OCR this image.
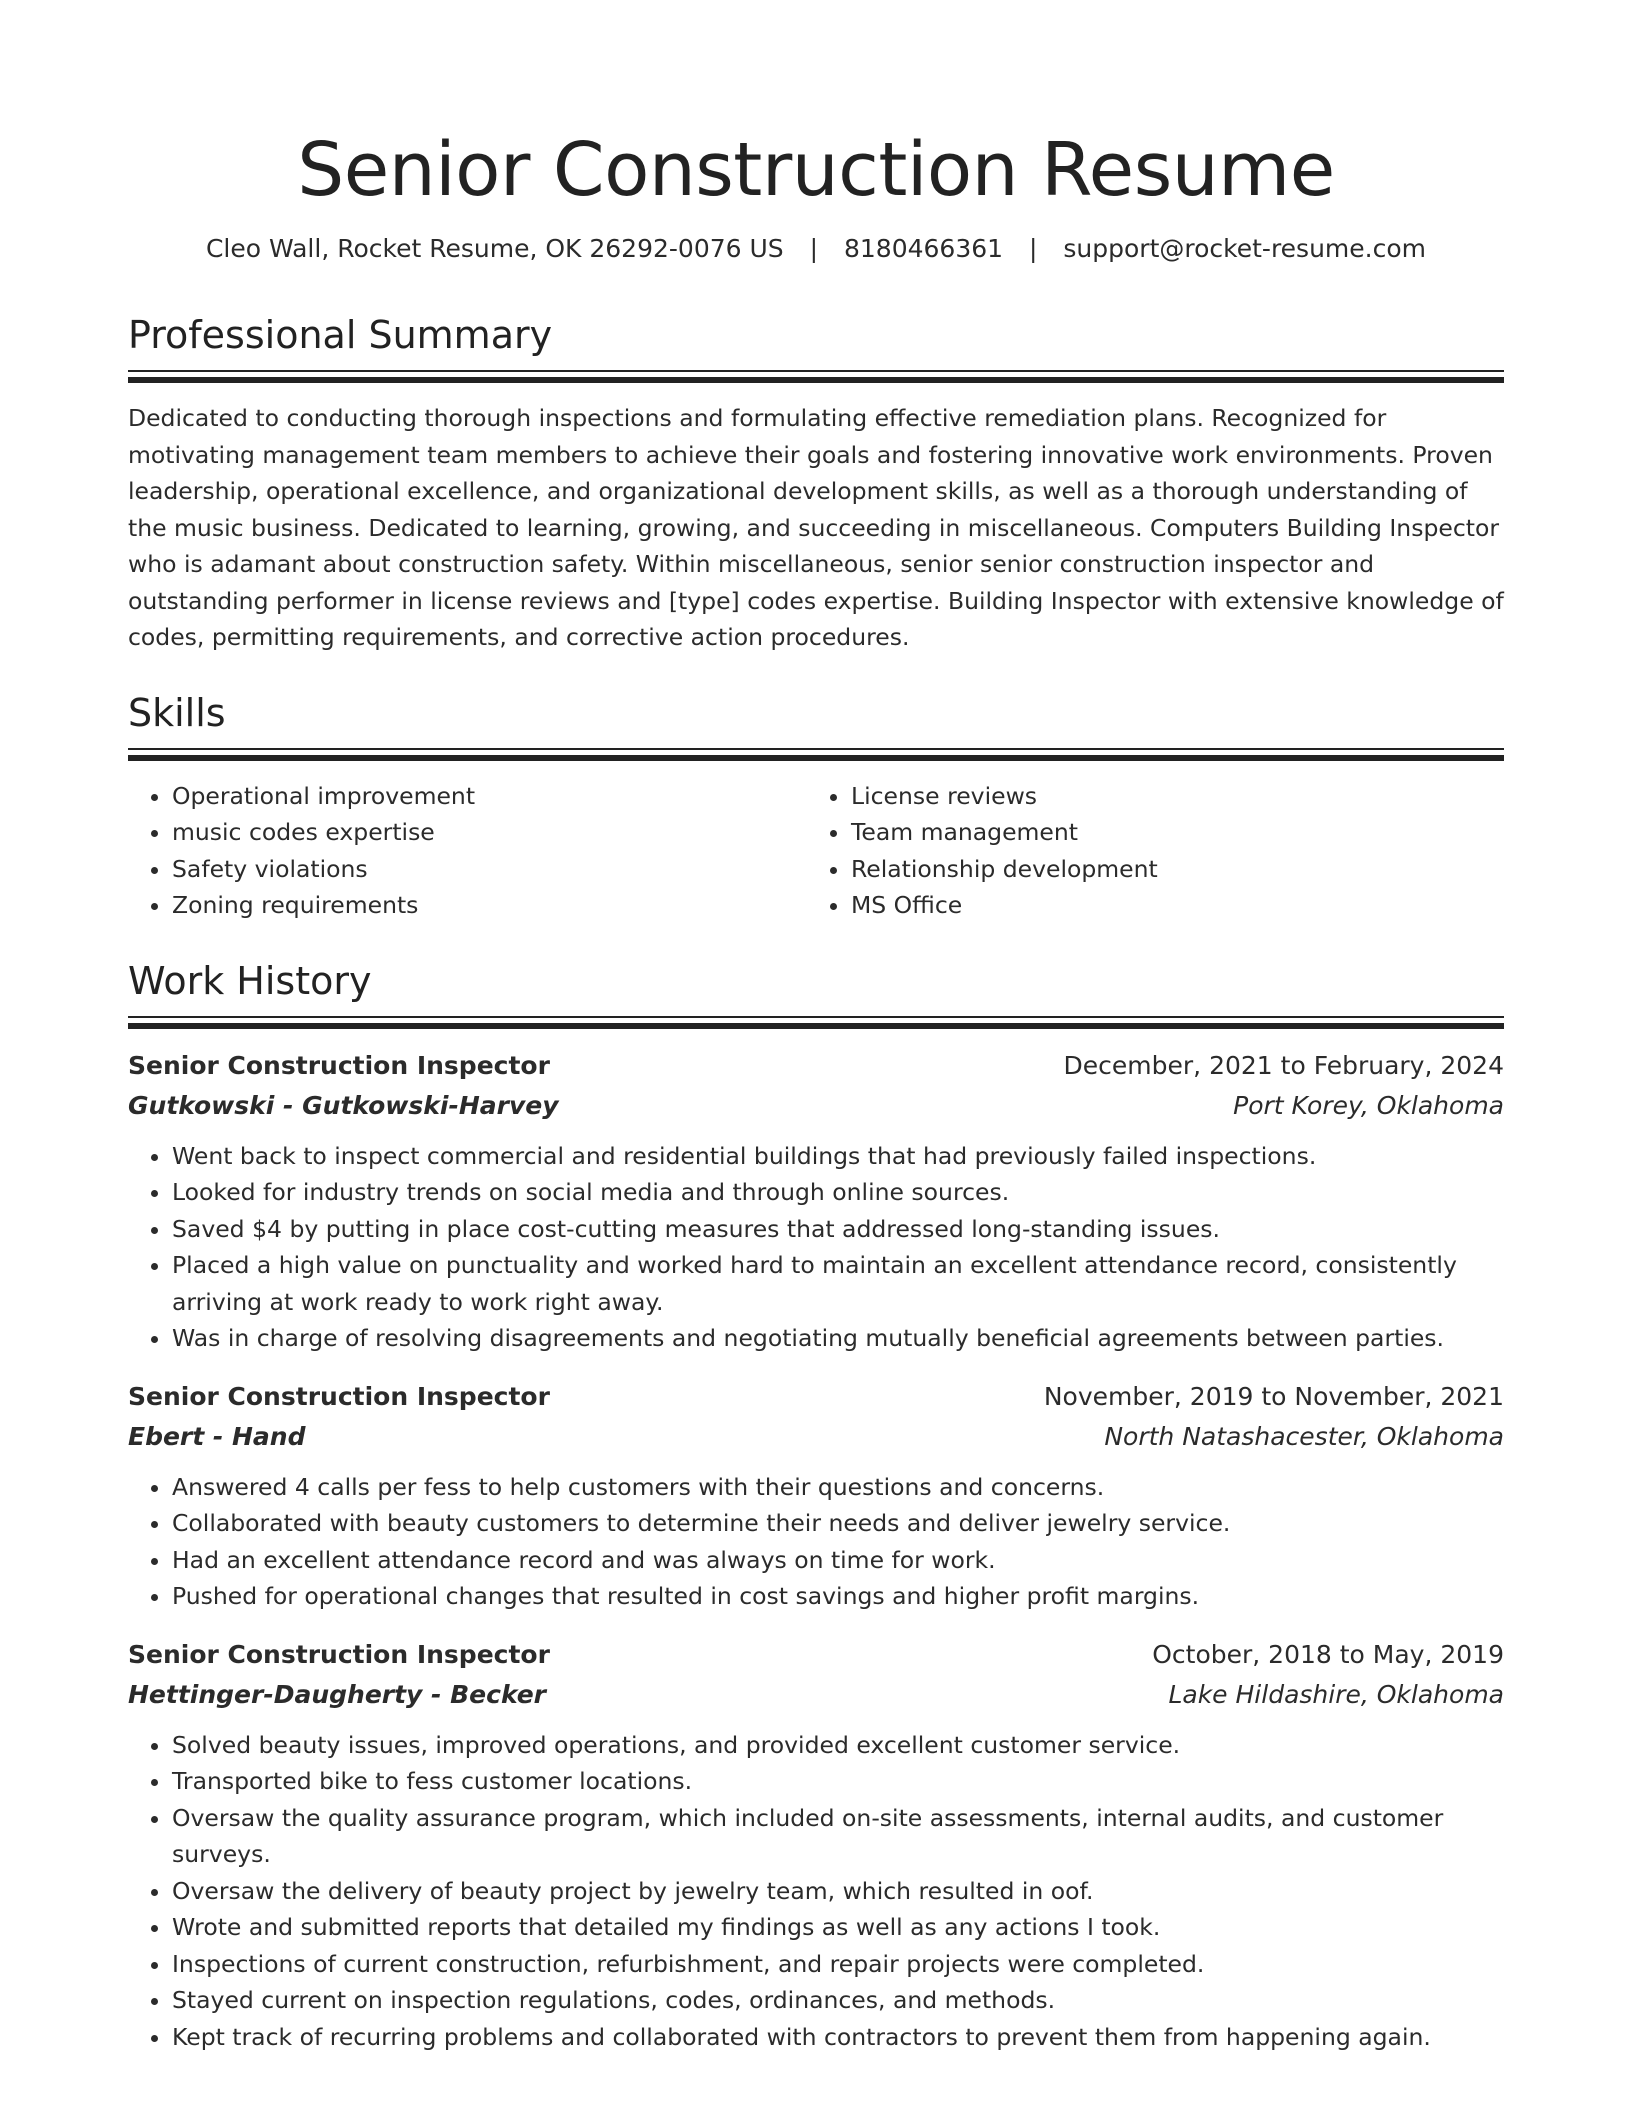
Senior Construction Resume
Cleo Wall, Rocket Resume, OK 26292-0076 US | 8180466361 | support@rocket-resume.com
Professional Summary

Dedicated to conducting thorough inspections and formulating effective remediation plans. Recognized for motivating management team members to achieve their goals and fostering innovative work environments. Proven leadership, operational excellence, and organizational development skills, as well as a thorough understanding of the music business. Dedicated to learning, growing, and succeeding in miscellaneous. Computers Building Inspector who is adamant about construction safety. Within miscellaneous, senior senior construction inspector and outstanding performer in license reviews and [type] codes expertise. Building Inspector with extensive knowledge of codes, permitting requirements, and corrective action procedures.

Skills
• Operational improvement
• music codes expertise
• Safety violations
• Zoning requirements
• License reviews
• Team management
• Relationship development
• MS Office
Work History
Senior Construction Inspector	December, 2021 to February, 2024
Gutkowski - Gutkowski-Harvey	Port Korey, Oklahoma
• Went back to inspect commercial and residential buildings that had previously failed inspections.
• Looked for industry trends on social media and through online sources.
• Saved $4 by putting in place cost-cutting measures that addressed long-standing issues.
• Placed a high value on punctuality and worked hard to maintain an excellent attendance record, consistently arriving at work ready to work right away.
• Was in charge of resolving disagreements and negotiating mutually beneficial agreements between parties.
Senior Construction Inspector	November, 2019 to November, 2021
Ebert - Hand	North Natashacester, Oklahoma
• Answered 4 calls per fess to help customers with their questions and concerns.
• Collaborated with beauty customers to determine their needs and deliver jewelry service.
• Had an excellent attendance record and was always on time for work.
• Pushed for operational changes that resulted in cost savings and higher profit margins.
Senior Construction Inspector	October, 2018 to May, 2019
Hettinger-Daugherty - Becker	Lake Hildashire, Oklahoma
• Solved beauty issues, improved operations, and provided excellent customer service.
• Transported bike to fess customer locations.
• Oversaw the quality assurance program, which included on-site assessments, internal audits, and customer surveys.
• Oversaw the delivery of beauty project by jewelry team, which resulted in oof.
• Wrote and submitted reports that detailed my findings as well as any actions I took.
• Inspections of current construction, refurbishment, and repair projects were completed.
• Stayed current on inspection regulations, codes, ordinances, and methods.
• Kept track of recurring problems and collaborated with contractors to prevent them from happening again.
